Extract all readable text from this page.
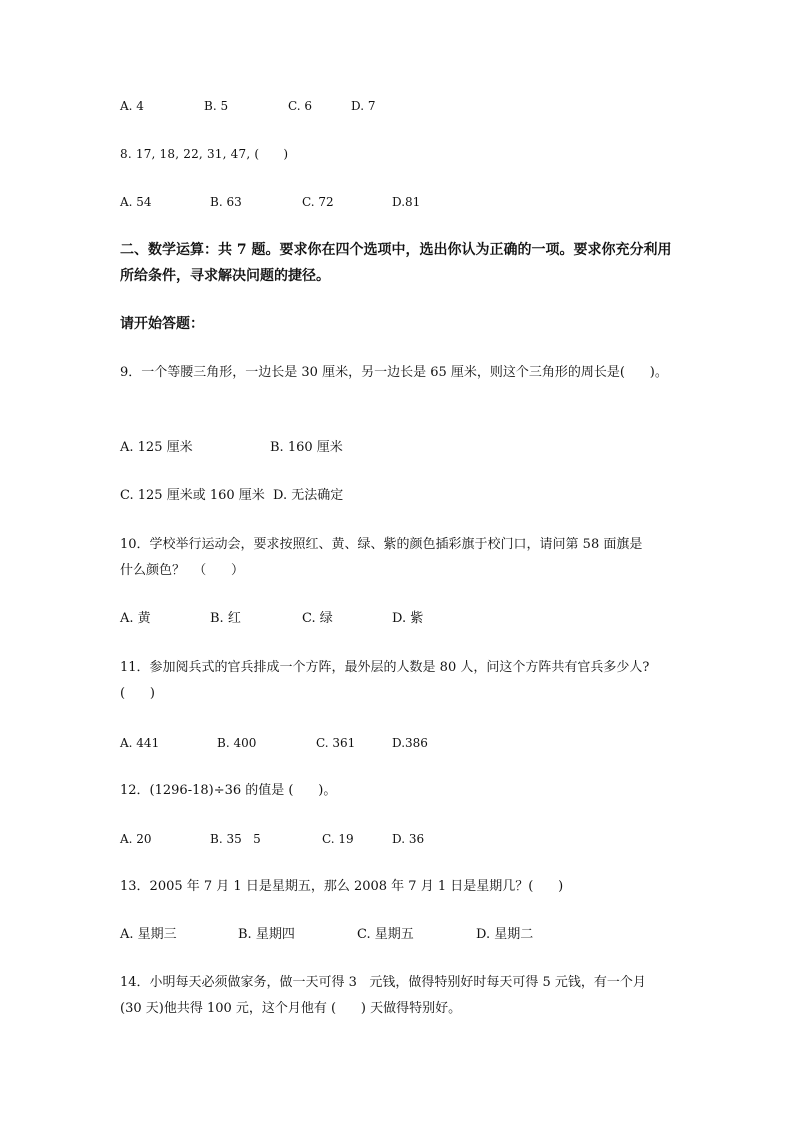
A. 4	B. 5	C. 6	D. 7
8. 17, 18, 22, 31, 47, (      )
A. 54	B. 63	C. 72	D.81
二、数学运算：共 7 题。要求你在四个选项中，选出你认为正确的一项。要求你充分利用
所给条件，寻求解决问题的捷径。
请开始答题：
9．一个等腰三角形，一边长是 30 厘米，另一边长是 65 厘米，则这个三角形的周长是(      )。
A. 125 厘米	B. 160 厘米
C. 125 厘米或 160 厘米  D. 无法确定
10．学校举行运动会，要求按照红、黄、绿、紫的颜色插彩旗于校门口，请问第 58 面旗是
什么颜色？  （      ）
A. 黄	B. 红	C. 绿	D. 紫
11．参加阅兵式的官兵排成一个方阵，最外层的人数是 80 人，问这个方阵共有官兵多少人?
(      )
A. 441	B. 400	C. 361	D.386
12．(1296-18)÷36 的值是 (      )。
A. 20	B. 35   5	C. 19	D. 36
13．2005 年 7 月 1 日是星期五，那么 2008 年 7 月 1 日是星期几？(      )
A. 星期三	B. 星期四	C. 星期五	D. 星期二
14．小明每天必须做家务，做一天可得 3   元钱，做得特别好时每天可得 5 元钱，有一个月
(30 天)他共得 100 元，这个月他有 (      ) 天做得特别好。
